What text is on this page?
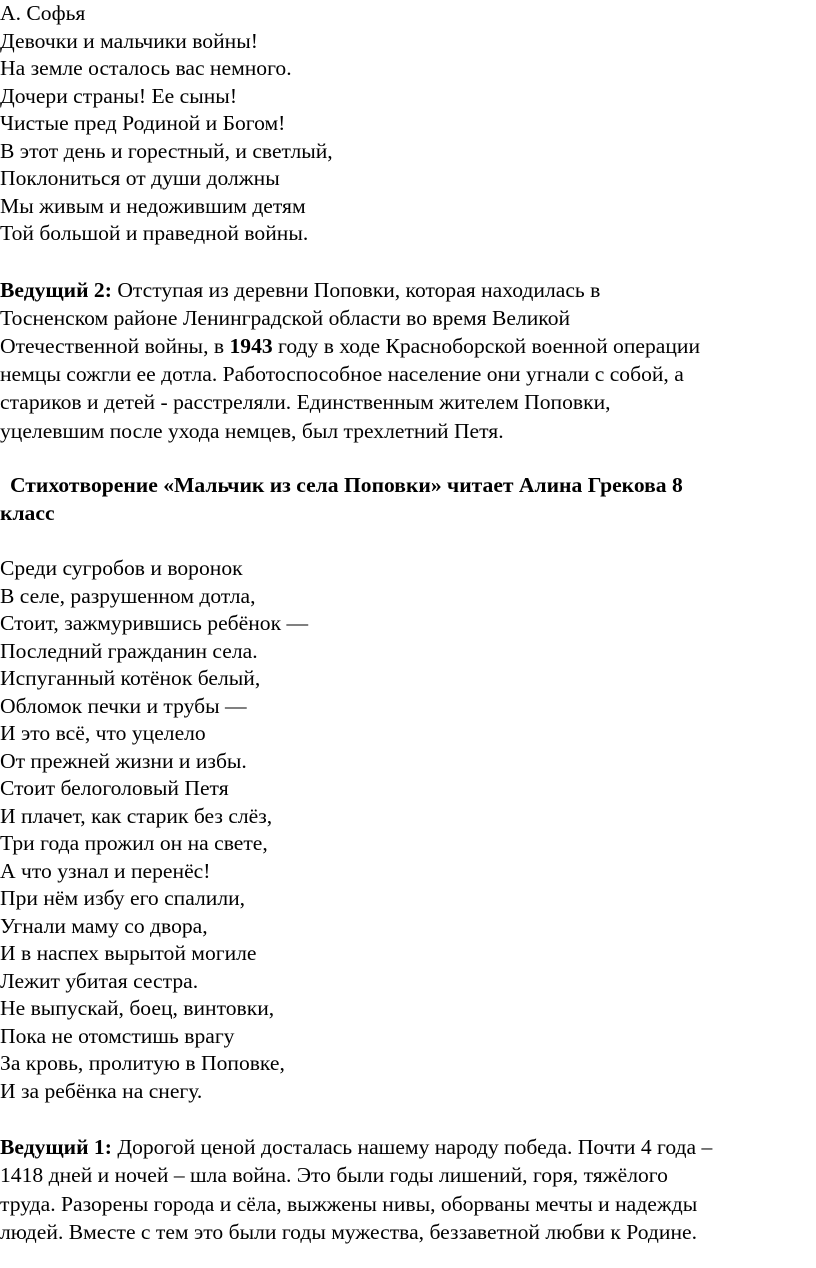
А. Софья

Девочки и мальчики войны!

На земле осталось вас немного.

Дочери страны! Ее сыны!

Чистые пред Родиной и Богом!

В этот день и горестный, и светлый,

Поклониться от души должны

Мы живым и недожившим детям

Той большой и праведной войны.

Ведущий 2: Отступая из деревни Поповки, которая находилась в
Тосненском районе Ленинградской области во время Великой
Отечественной войны, в 1943 году в ходе Красноборской военной операции
немцы сожгли ее дотла. Работоспособное население они угнали с собой, а
стариков и детей - расстреляли. Единственным жителем Поповки,
уцелевшим после ухода немцев, был трехлетний Петя.
Стихотворение «Мальчик из села Поповки» читает Алина Грекова 8
класс

Среди сугробов и воронок

В селе, разрушенном дотла,

Стоит, зажмурившись ребёнок —

Последний гражданин села.

Испуганный котёнок белый,

Обломок печки и трубы —

И это всё, что уцелело

От прежней жизни и избы.

Стоит белоголовый Петя

И плачет, как старик без слёз,

Три года прожил он на свете,

А что узнал и перенёс!

При нём избу его спалили,

Угнали маму со двора,

И в наспех вырытой могиле

Лежит убитая сестра.

Не выпускай, боец, винтовки,

Пока не отомстишь врагу

За кровь, пролитую в Поповке,

И за ребёнка на снегу.

Ведущий 1: Дорогой ценой досталась нашему народу победа. Почти 4 года –
1418 дней и ночей – шла война. Это были годы лишений, горя, тяжёлого
труда. Разорены города и сёла, выжжены нивы, оборваны мечты и надежды
людей. Вместе с тем это были годы мужества, беззаветной любви к Родине.
